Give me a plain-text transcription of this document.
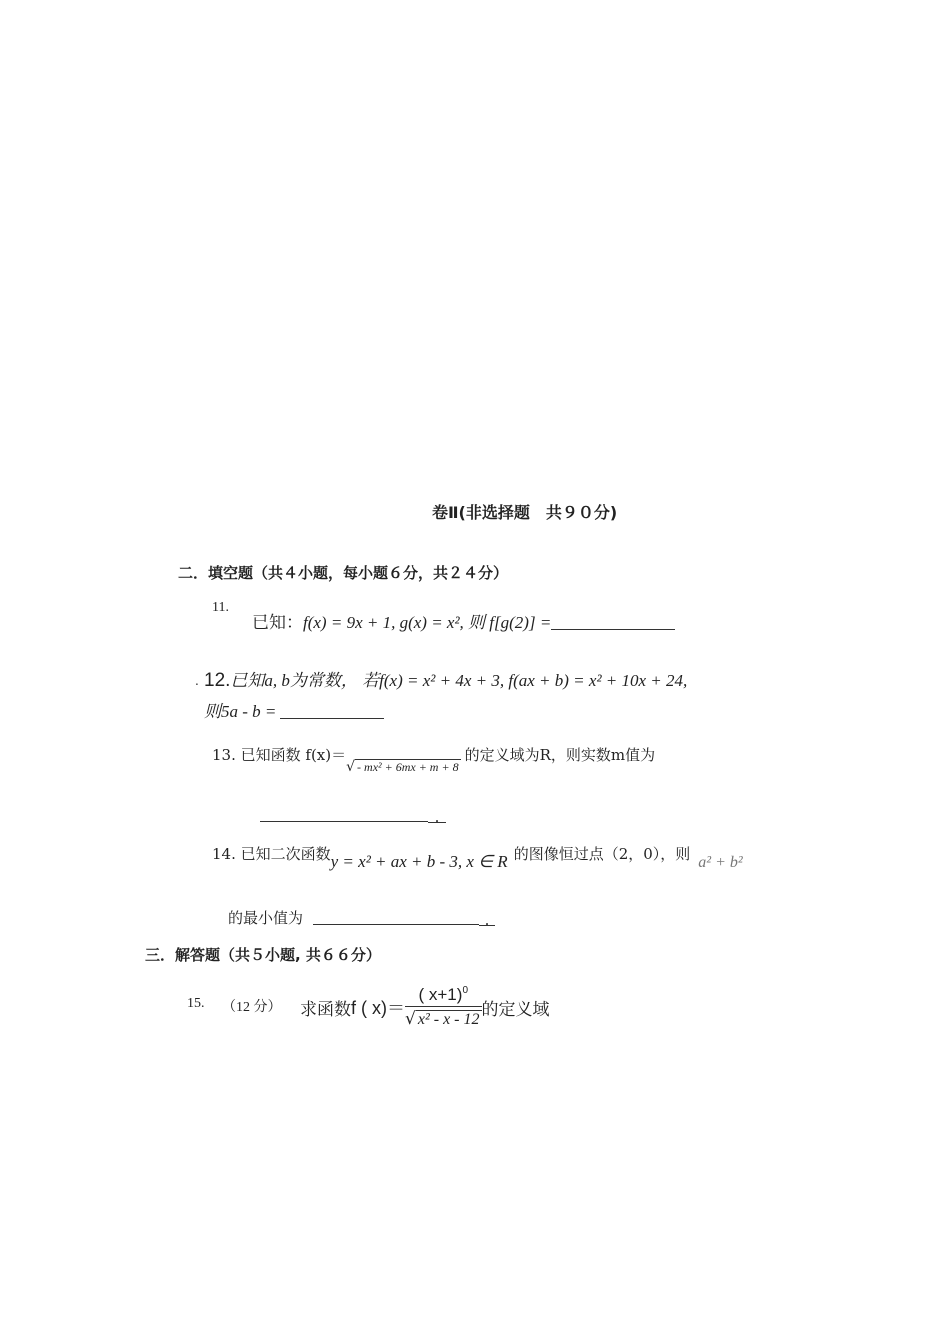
卷Ⅱ(非选择题　共９０分)
二．填空题（共４小题，每小题６分，共２４分）
11.
已知：f(x) = 9x + 1, g(x) = x², 则 f[g(2)] =
. 12.已知a, b为常数， 若f(x) = x² + 4x + 3, f(ax + b) = x² + 10x + 24,
则5a - b =
13. 已知函数 f(x)＝√ - mx² + 6mx + m + 8的定义域为R，则实数m值为
.
14. 已知二次函数y = x² + ax + b - 3, x ∈ R 的图像恒过点（2，0），则 a² + b²
的最小值为	.
三．解答题（共５小题, 共６６分）
15. （12 分） 求函数 f ( $x)= \frac{( x+1)^0}{\text{√ x² - x - 12}}$ 的定义域
